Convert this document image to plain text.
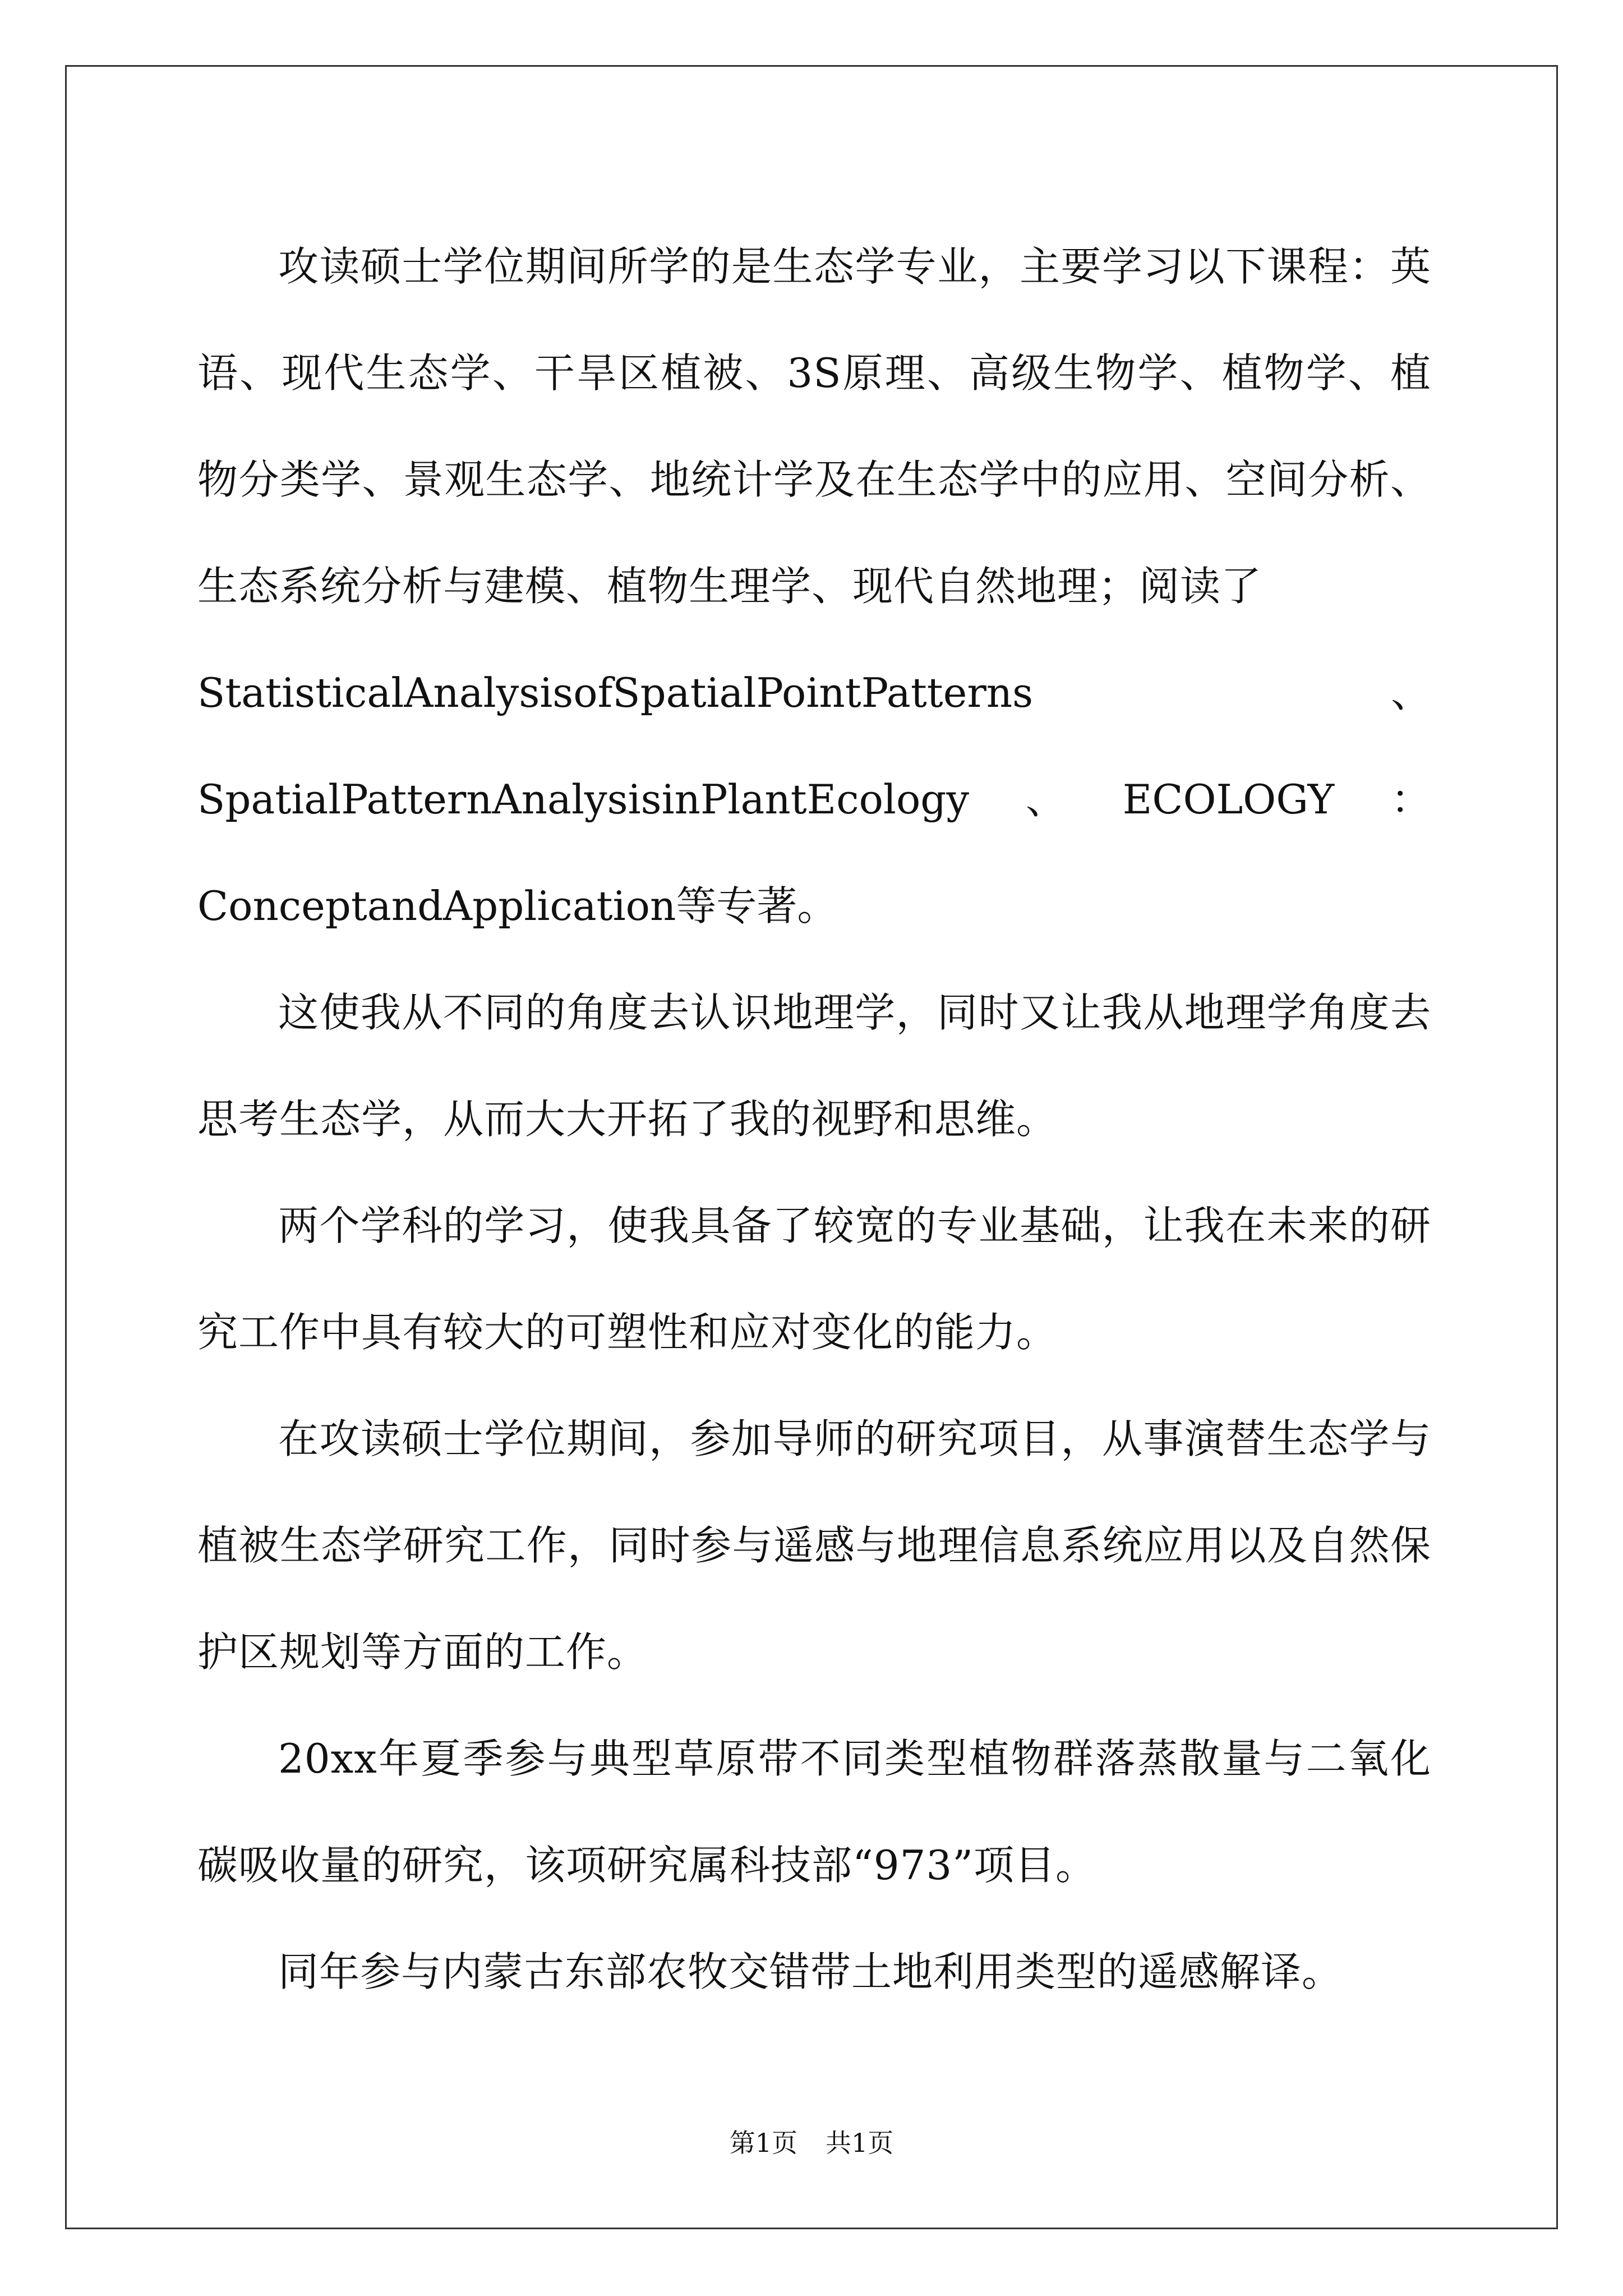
攻读硕士学位期间所学的是生态学专业，主要学习以下课程：英语、现代生态学、干旱区植被、3S原理、高级生物学、植物学、植物分类学、景观生态学、地统计学及在生态学中的应用、空间分析、生态系统分析与建模、植物生理学、现代自然地理；阅读了

StatisticalAnalysisofSpatialPointPatterns	、
SpatialPatternAnalysisinPlantEcology 、 ECOLOGY ：
ConceptandApplication等专著。

这使我从不同的角度去认识地理学，同时又让我从地理学角度去思考生态学，从而大大开拓了我的视野和思维。

两个学科的学习，使我具备了较宽的专业基础，让我在未来的研究工作中具有较大的可塑性和应对变化的能力。

在攻读硕士学位期间，参加导师的研究项目，从事演替生态学与植被生态学研究工作，同时参与遥感与地理信息系统应用以及自然保护区规划等方面的工作。

20xx年夏季参与典型草原带不同类型植物群落蒸散量与二氧化碳吸收量的研究，该项研究属科技部“973”项目。

同年参与内蒙古东部农牧交错带土地利用类型的遥感解译。

第1页 共1页
